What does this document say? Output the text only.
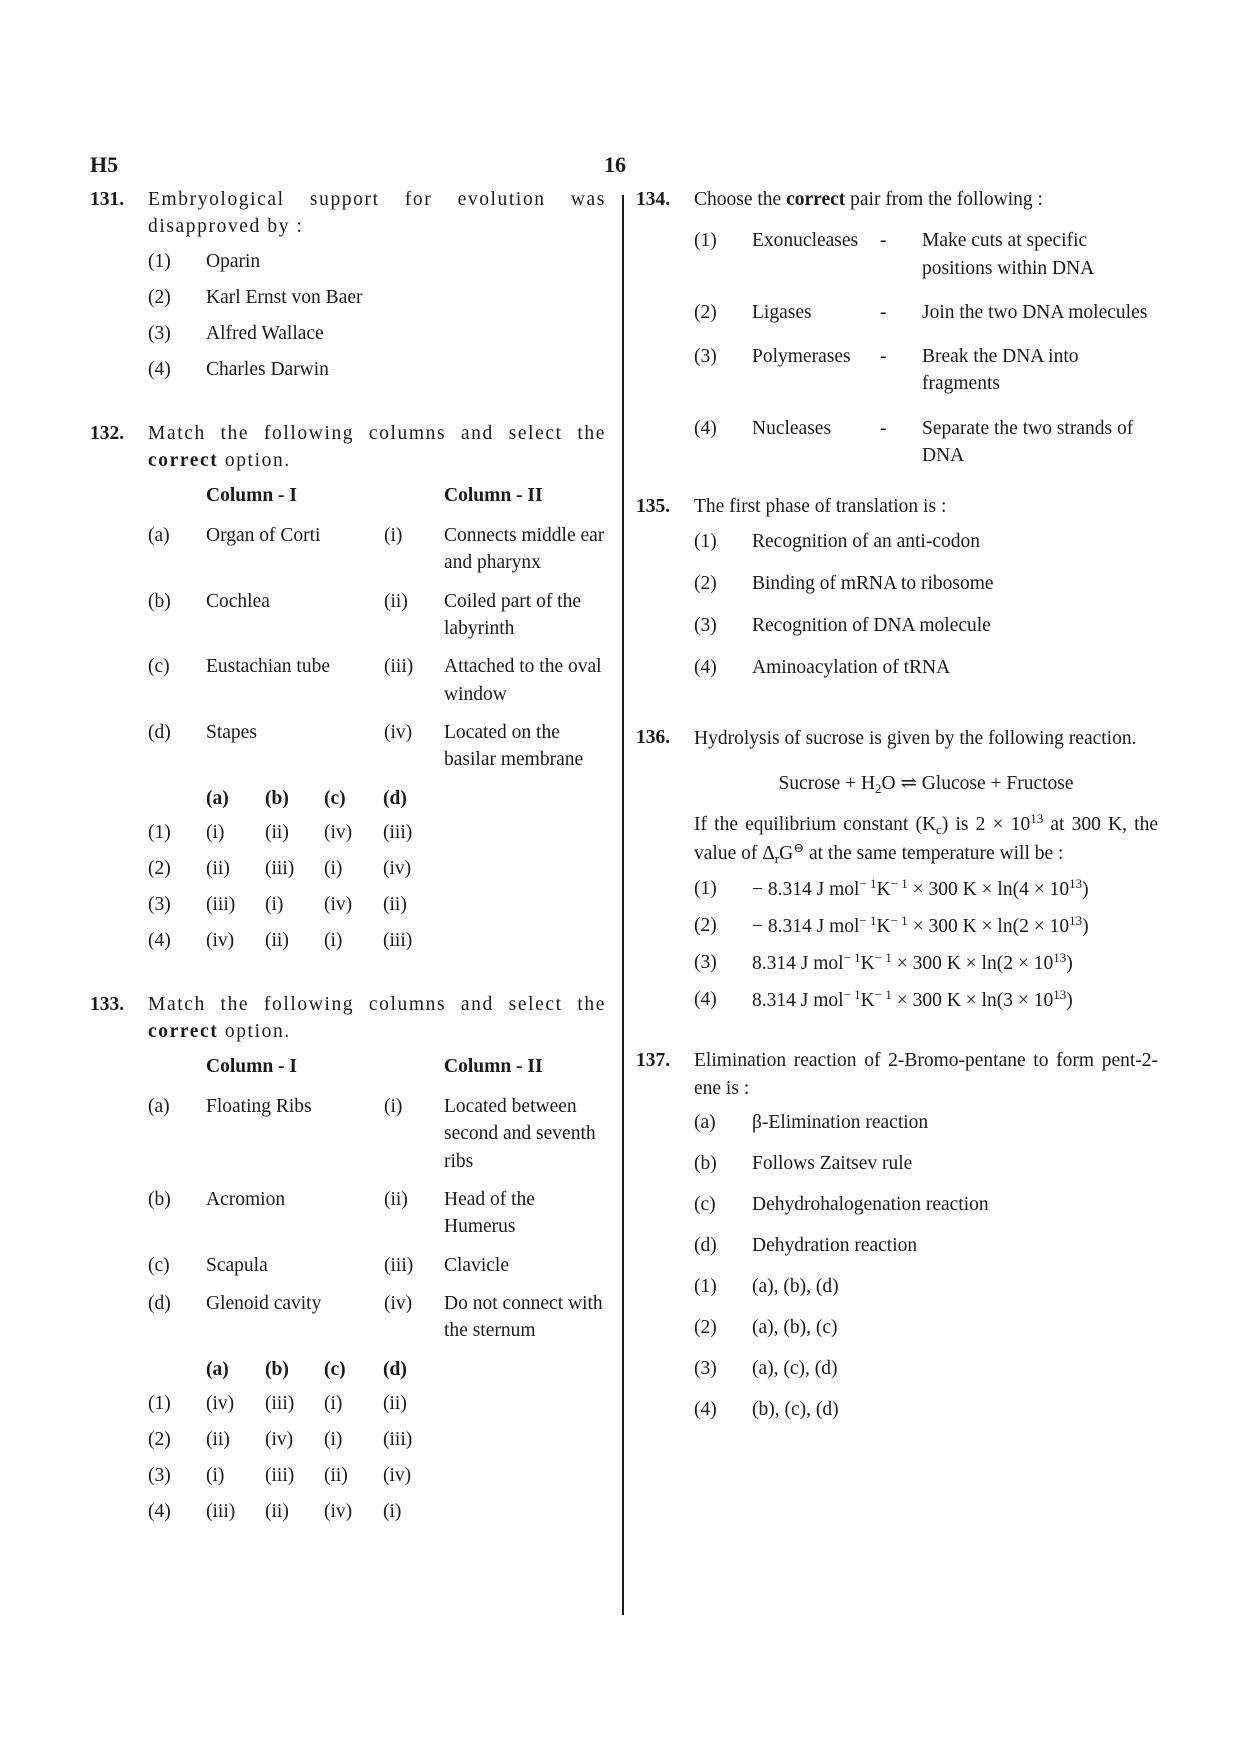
H5	16
131. Embryological support for evolution was disapproved by :
(1)	Oparin
(2)	Karl Ernst von Baer
(3)	Alfred Wallace
(4)	Charles Darwin
132. Match the following columns and select the correct option.
Column - I	Column - II
(a)	Organ of Corti	(i)	Connects middle ear and pharynx
(b)	Cochlea	(ii)	Coiled part of the labyrinth
(c)	Eustachian tube	(iii)	Attached to the oval window
(d)	Stapes	(iv)	Located on the basilar membrane
(a)	(b)	(c)	(d)
(1)	(i)	(ii)	(iv)	(iii)
(2)	(ii)	(iii)	(i)	(iv)
(3)	(iii)	(i)	(iv)	(ii)
(4)	(iv)	(ii)	(i)	(iii)
133. Match the following columns and select the correct option.
Column - I	Column - II
(a)	Floating Ribs	(i)	Located between second and seventh ribs
(b)	Acromion	(ii)	Head of the Humerus
(c)	Scapula	(iii)	Clavicle
(d)	Glenoid cavity	(iv)	Do not connect with the sternum
(a)	(b)	(c)	(d)
(1)	(iv)	(iii)	(i)	(ii)
(2)	(ii)	(iv)	(i)	(iii)
(3)	(i)	(iii)	(ii)	(iv)
(4)	(iii)	(ii)	(iv)	(i)
134. Choose the correct pair from the following :
(1)	Exonucleases	-	Make cuts at specific positions within DNA
(2)	Ligases	-	Join the two DNA molecules
(3)	Polymerases	-	Break the DNA into fragments
(4)	Nucleases	-	Separate the two strands of DNA
135. The first phase of translation is :
(1)	Recognition of an anti-codon
(2)	Binding of mRNA to ribosome
(3)	Recognition of DNA molecule
(4)	Aminoacylation of tRNA
136. Hydrolysis of sucrose is given by the following reaction.
Sucrose + $H_2O$ ⇌ Glucose + Fructose
If the equilibrium constant $(K_c)$ is $2 \times 10^{13}$ at 300 K, the value of $\Delta_rG^⊖$ at the same temperature will be :
(1)	− 8.314 J $mol^{- 1}K^{- 1} \times 300$ $K \times \ln(4 \times 10^{13})$
(2)	− 8.314 J $mol^{- 1}K^{- 1} \times 300$ $K \times \ln(2 \times 10^{13})$
(3)	8.314 J $mol^{- 1}K^{- 1} \times 300$ $K \times \ln(2 \times 10^{13})$
(4)	8.314 J $mol^{- 1}K^{- 1} \times 300$ $K \times \ln(3 \times 10^{13})$
137. Elimination reaction of 2-Bromo-pentane to form pent-2-ene is :
(a)	β-Elimination reaction
(b)	Follows Zaitsev rule
(c)	Dehydrohalogenation reaction
(d)	Dehydration reaction
(1)	(a), (b), (d)
(2)	(a), (b), (c)
(3)	(a), (c), (d)
(4)	(b), (c), (d)
